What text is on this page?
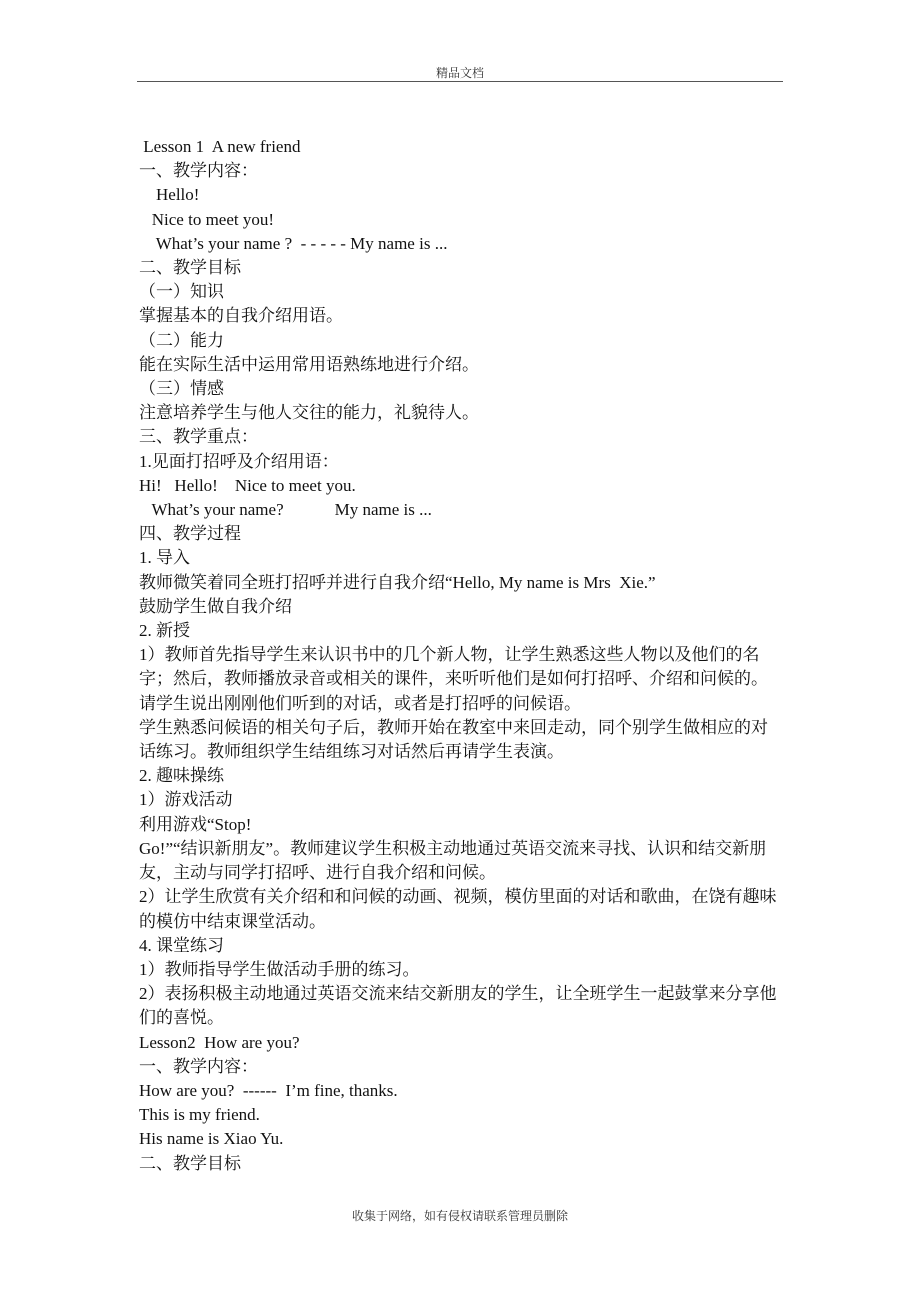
精品文档
Lesson 1  A new friend
一、教学内容：
Hello!
Nice to meet you!
What’s your name ?  - - - - - My name is ...
二、教学目标
（一）知识
掌握基本的自我介绍用语。
（二）能力
能在实际生活中运用常用语熟练地进行介绍。
（三）情感
注意培养学生与他人交往的能力，礼貌待人。
三、教学重点：
1.见面打招呼及介绍用语：
Hi!   Hello!    Nice to meet you.
What’s your name?            My name is ...
四、教学过程
1. 导入
教师微笑着同全班打招呼并进行自我介绍“Hello, My name is Mrs  Xie.”
鼓励学生做自我介绍
2. 新授
1）教师首先指导学生来认识书中的几个新人物，让学生熟悉这些人物以及他们的名字；然后，教师播放录音或相关的课件，来听听他们是如何打招呼、介绍和问候的。请学生说出刚刚他们听到的对话，或者是打招呼的问候语。
学生熟悉问候语的相关句子后，教师开始在教室中来回走动，同个别学生做相应的对话练习。教师组织学生结组练习对话然后再请学生表演。
2. 趣味操练
1）游戏活动
利用游戏“Stop!
Go!”“结识新朋友”。教师建议学生积极主动地通过英语交流来寻找、认识和结交新朋友，主动与同学打招呼、进行自我介绍和问候。
2）让学生欣赏有关介绍和和问候的动画、视频，模仿里面的对话和歌曲，在饶有趣味的模仿中结束课堂活动。
4. 课堂练习
1）教师指导学生做活动手册的练习。
2）表扬积极主动地通过英语交流来结交新朋友的学生，让全班学生一起鼓掌来分享他们的喜悦。
Lesson2  How are you?
一、教学内容：
How are you?  ------  I’m fine, thanks.
This is my friend.
His name is Xiao Yu.
二、教学目标
收集于网络，如有侵权请联系管理员删除
